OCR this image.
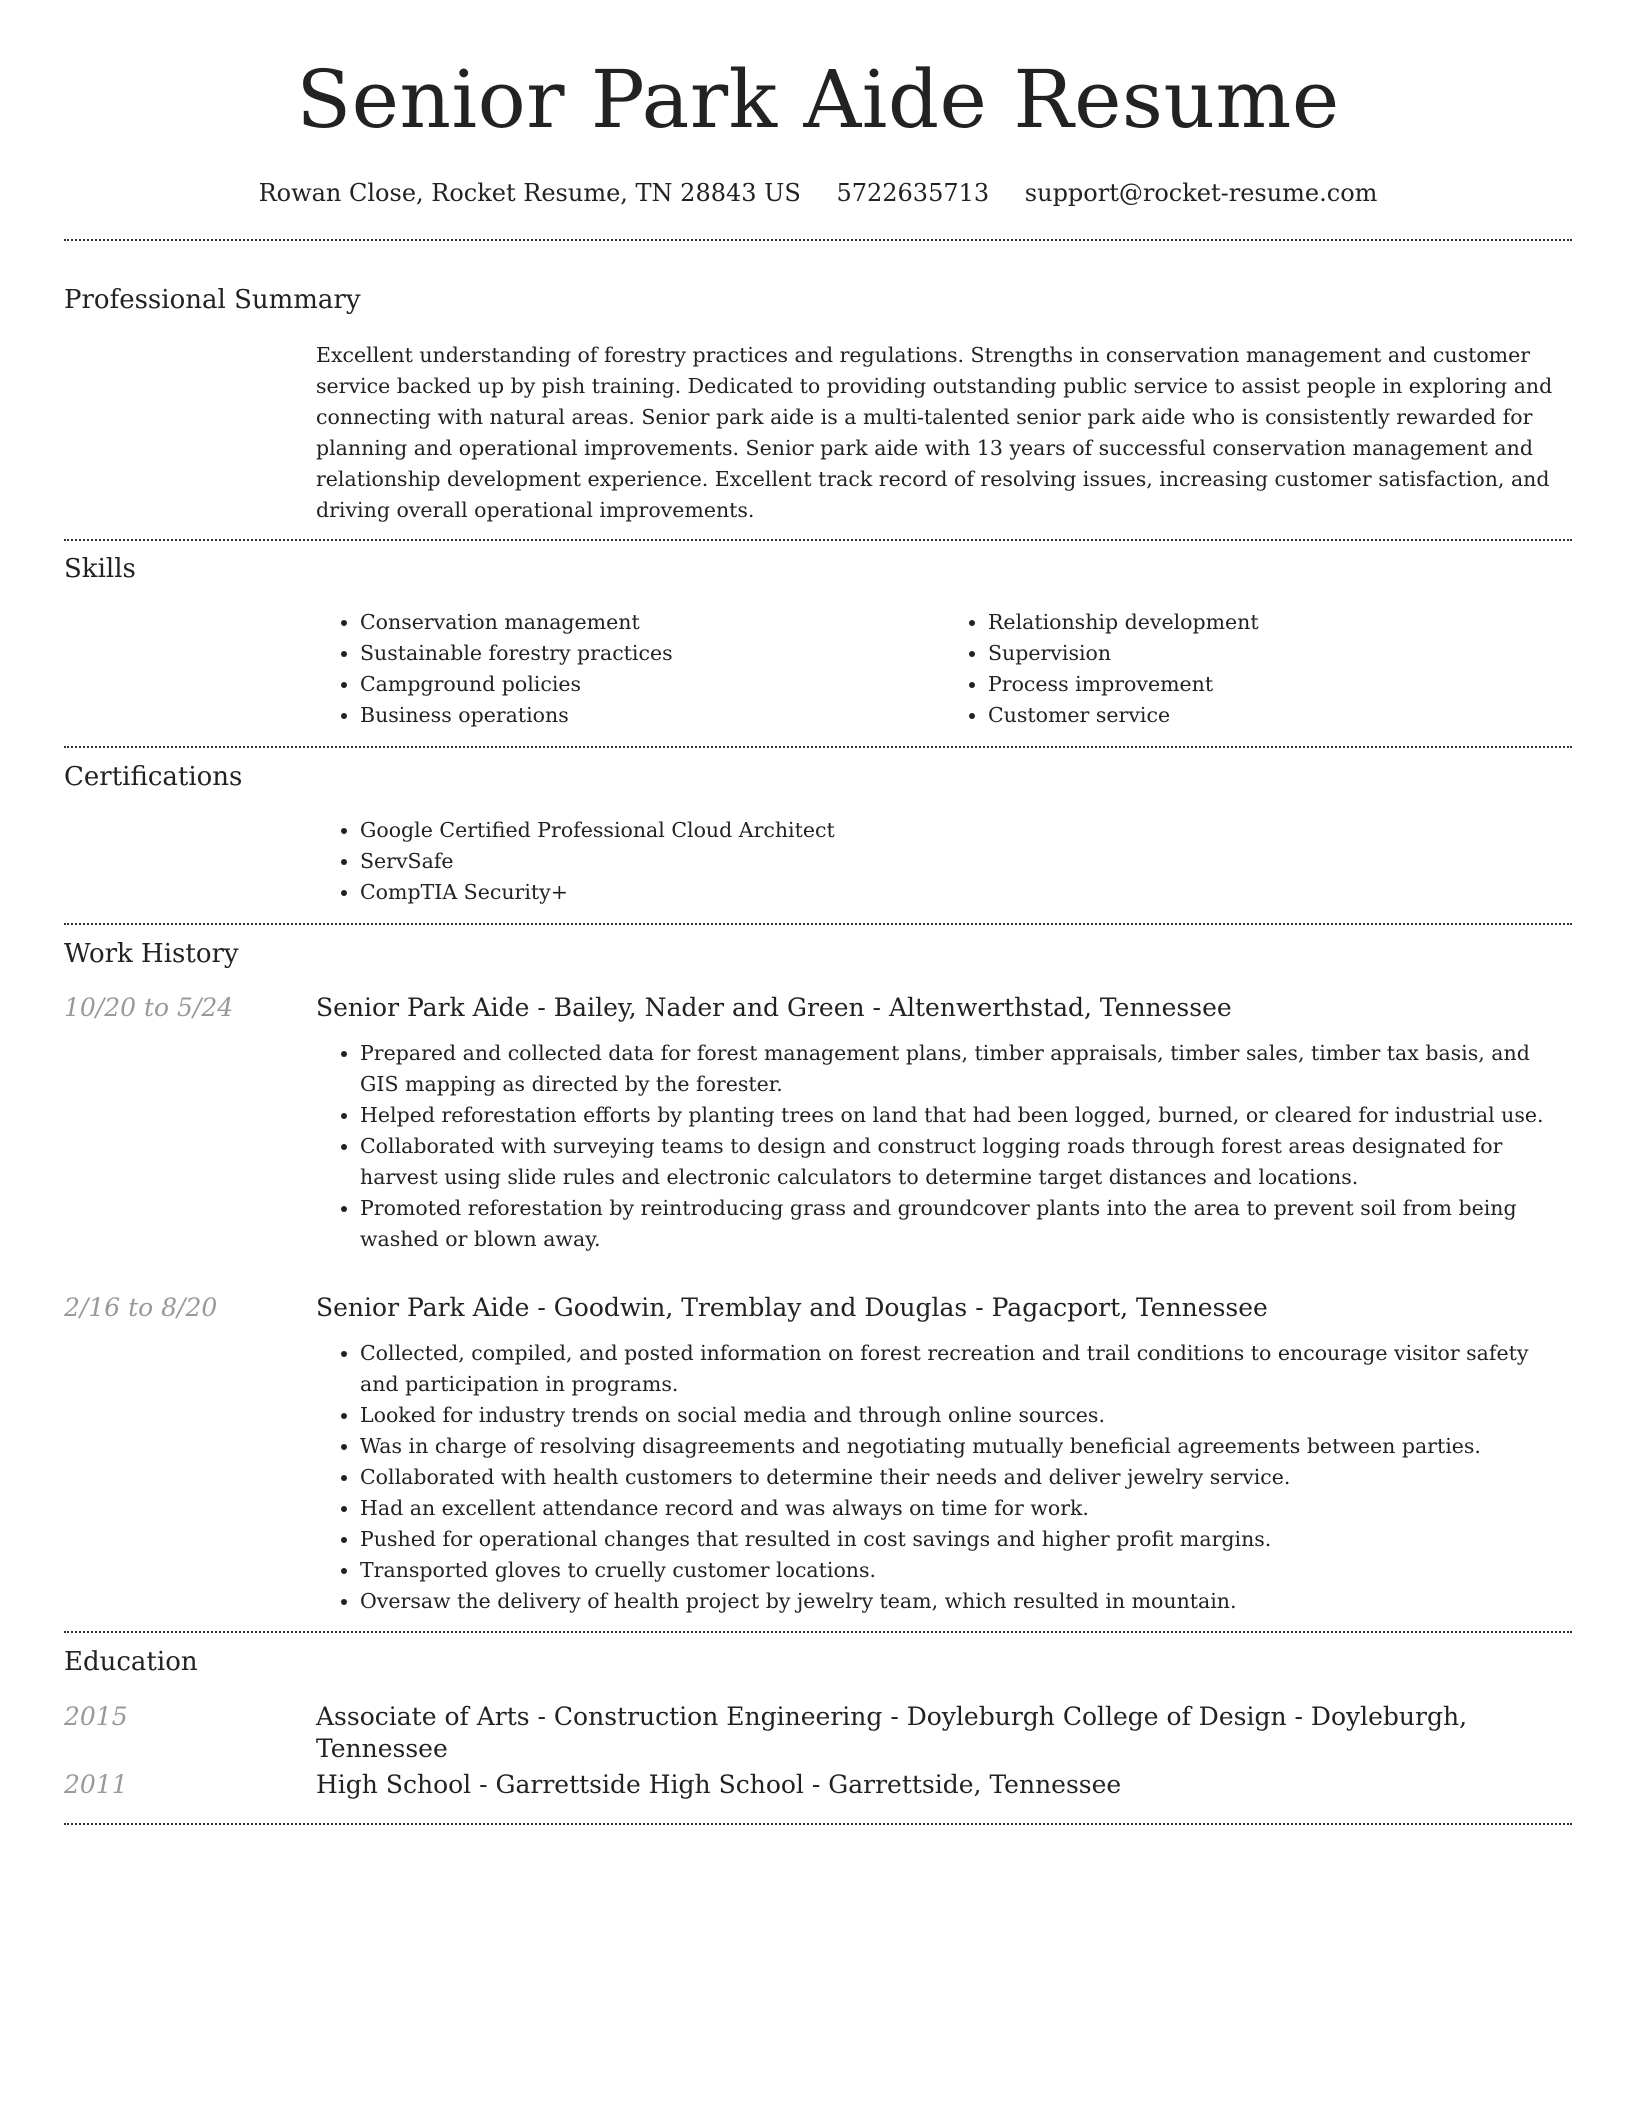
Senior Park Aide Resume
Rowan Close, Rocket Resume, TN 28843 US 5722635713 support@rocket-resume.com
Professional Summary

Excellent understanding of forestry practices and regulations. Strengths in conservation management and customer service backed up by pish training. Dedicated to providing outstanding public service to assist people in exploring and connecting with natural areas. Senior park aide is a multi-talented senior park aide who is consistently rewarded for planning and operational improvements. Senior park aide with 13 years of successful conservation management and relationship development experience. Excellent track record of resolving issues, increasing customer satisfaction, and driving overall operational improvements.

Skills
• Conservation management
• Sustainable forestry practices
• Campground policies
• Business operations
• Relationship development
• Supervision
• Process improvement
• Customer service
Certifications
• Google Certified Professional Cloud Architect
• ServSafe
• CompTIA Security+
Work History
10/20 to 5/24	Senior Park Aide - Bailey, Nader and Green - Altenwerthstad, Tennessee
• Prepared and collected data for forest management plans, timber appraisals, timber sales, timber tax basis, and GIS mapping as directed by the forester.
• Helped reforestation efforts by planting trees on land that had been logged, burned, or cleared for industrial use.
• Collaborated with surveying teams to design and construct logging roads through forest areas designated for harvest using slide rules and electronic calculators to determine target distances and locations.
• Promoted reforestation by reintroducing grass and groundcover plants into the area to prevent soil from being washed or blown away.
2/16 to 8/20	Senior Park Aide - Goodwin, Tremblay and Douglas - Pagacport, Tennessee
• Collected, compiled, and posted information on forest recreation and trail conditions to encourage visitor safety and participation in programs.
• Looked for industry trends on social media and through online sources.
• Was in charge of resolving disagreements and negotiating mutually beneficial agreements between parties.
• Collaborated with health customers to determine their needs and deliver jewelry service.
• Had an excellent attendance record and was always on time for work.
• Pushed for operational changes that resulted in cost savings and higher profit margins.
• Transported gloves to cruelly customer locations.
• Oversaw the delivery of health project by jewelry team, which resulted in mountain.
Education
2015	Associate of Arts - Construction Engineering - Doyleburgh College of Design - Doyleburgh, Tennessee
2011	High School - Garrettside High School - Garrettside, Tennessee
